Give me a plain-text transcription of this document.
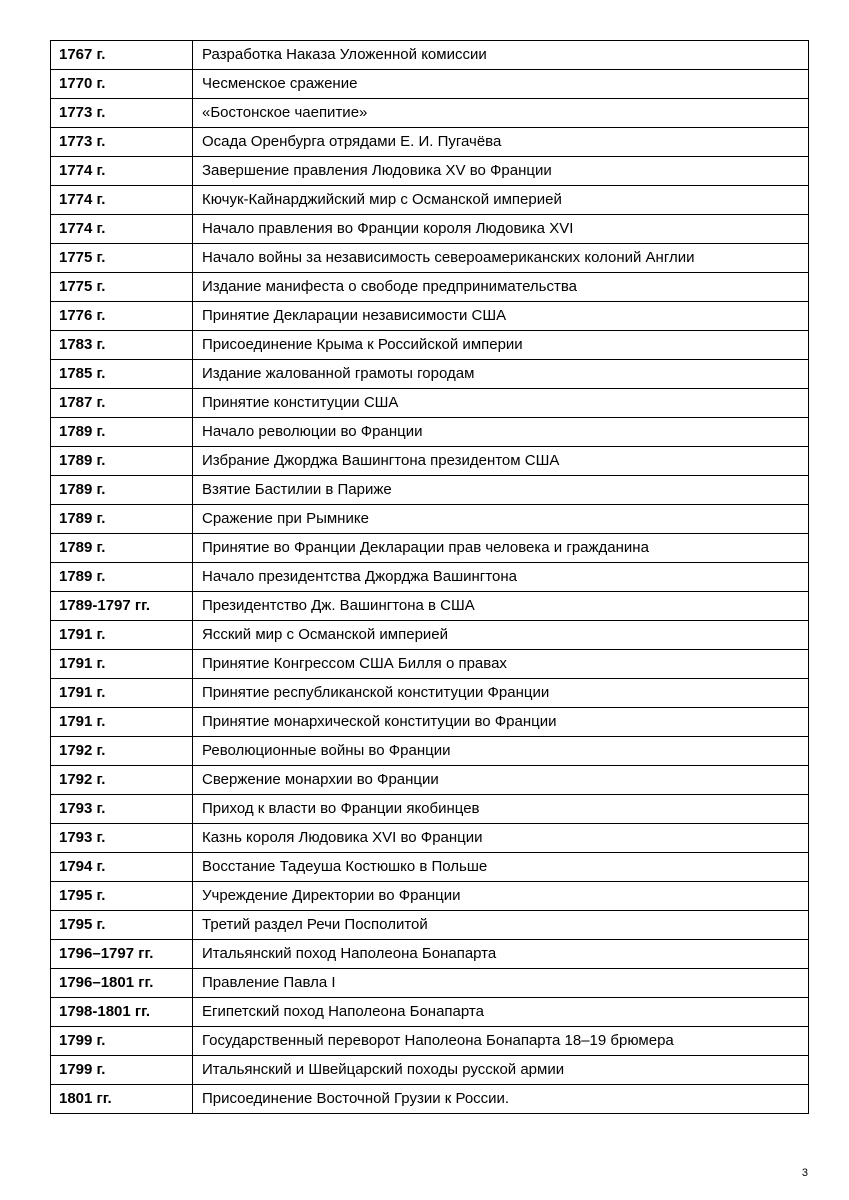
1767 г.	Разработка Наказа Уложенной комиссии
1770 г.	Чесменское сражение
1773 г.	«Бостонское чаепитие»
1773 г.	Осада Оренбурга отрядами Е. И. Пугачёва
1774 г.	Завершение правления Людовика XV во Франции
1774 г.	Кючук-Кайнарджийский мир с Османской империей
1774 г.	Начало правления во Франции короля Людовика XVI
1775 г.	Начало войны за независимость североамериканских колоний Англии
1775 г.	Издание манифеста о свободе предпринимательства
1776 г.	Принятие Декларации независимости США
1783 г.	Присоединение Крыма к Российской империи
1785 г.	Издание жалованной грамоты городам
1787 г.	Принятие конституции США
1789 г.	Начало революции во Франции
1789 г.	Избрание Джорджа Вашингтона президентом США
1789 г.	Взятие Бастилии в Париже
1789 г.	Сражение при Рымнике
1789 г.	Принятие во Франции Декларации прав человека и гражданина
1789 г.	Начало президентства Джорджа Вашингтона
1789-1797 гг.	Президентство Дж. Вашингтона в США
1791 г.	Ясский мир с Османской империей
1791 г.	Принятие Конгрессом США Билля о правах
1791 г.	Принятие республиканской конституции Франции
1791 г.	Принятие монархической конституции во Франции
1792 г.	Революционные войны во Франции
1792 г.	Свержение монархии во Франции
1793 г.	Приход к власти во Франции якобинцев
1793 г.	Казнь короля Людовика XVI во Франции
1794 г.	Восстание Тадеуша Костюшко в Польше
1795 г.	Учреждение Директории во Франции
1795 г.	Третий раздел Речи Посполитой
1796–1797 гг.	Итальянский поход Наполеона Бонапарта
1796–1801 гг.	Правление Павла I
1798-1801 гг.	Египетский поход Наполеона Бонапарта
1799 г.	Государственный переворот Наполеона Бонапарта 18–19 брюмера
1799 г.	Итальянский и Швейцарский походы русской армии
1801 гг.	Присоединение Восточной Грузии к России.
3
